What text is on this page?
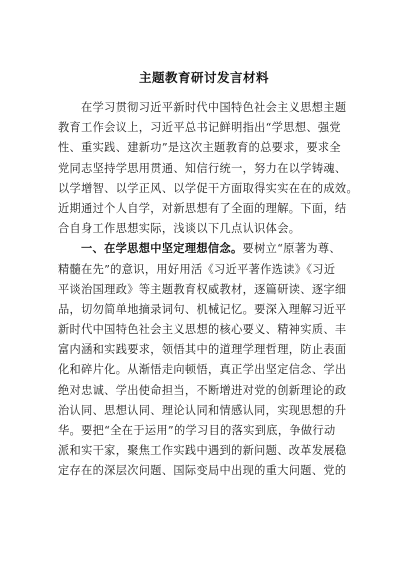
主题教育研讨发言材料
在学习贯彻习近平新时代中国特色社会主义思想主题
教育工作会议上，习近平总书记鲜明指出“学思想、强党
性、重实践、建新功”是这次主题教育的总要求，要求全
党同志坚持学思用贯通、知信行统一，努力在以学铸魂、
以学增智、以学正风、以学促干方面取得实实在在的成效。
近期通过个人自学，对新思想有了全面的理解。下面，结
合自身工作思想实际，浅谈以下几点认识体会。
一、在学思想中坚定理想信念。要树立“原著为尊、
精髓在先”的意识，用好用活《习近平著作选读》《习近
平谈治国理政》等主题教育权威教材，逐篇研读、逐字细
品，切勿简单地摘录词句、机械记忆。要深入理解习近平
新时代中国特色社会主义思想的核心要义、精神实质、丰
富内涵和实践要求，领悟其中的道理学理哲理，防止表面
化和碎片化。从渐悟走向顿悟，真正学出坚定信念、学出
绝对忠诚、学出使命担当，不断增进对党的创新理论的政
治认同、思想认同、理论认同和情感认同，实现思想的升
华。要把“全在于运用”的学习目的落实到底，争做行动
派和实干家，聚焦工作实践中遇到的新问题、改革发展稳
定存在的深层次问题、国际变局中出现的重大问题、党的
